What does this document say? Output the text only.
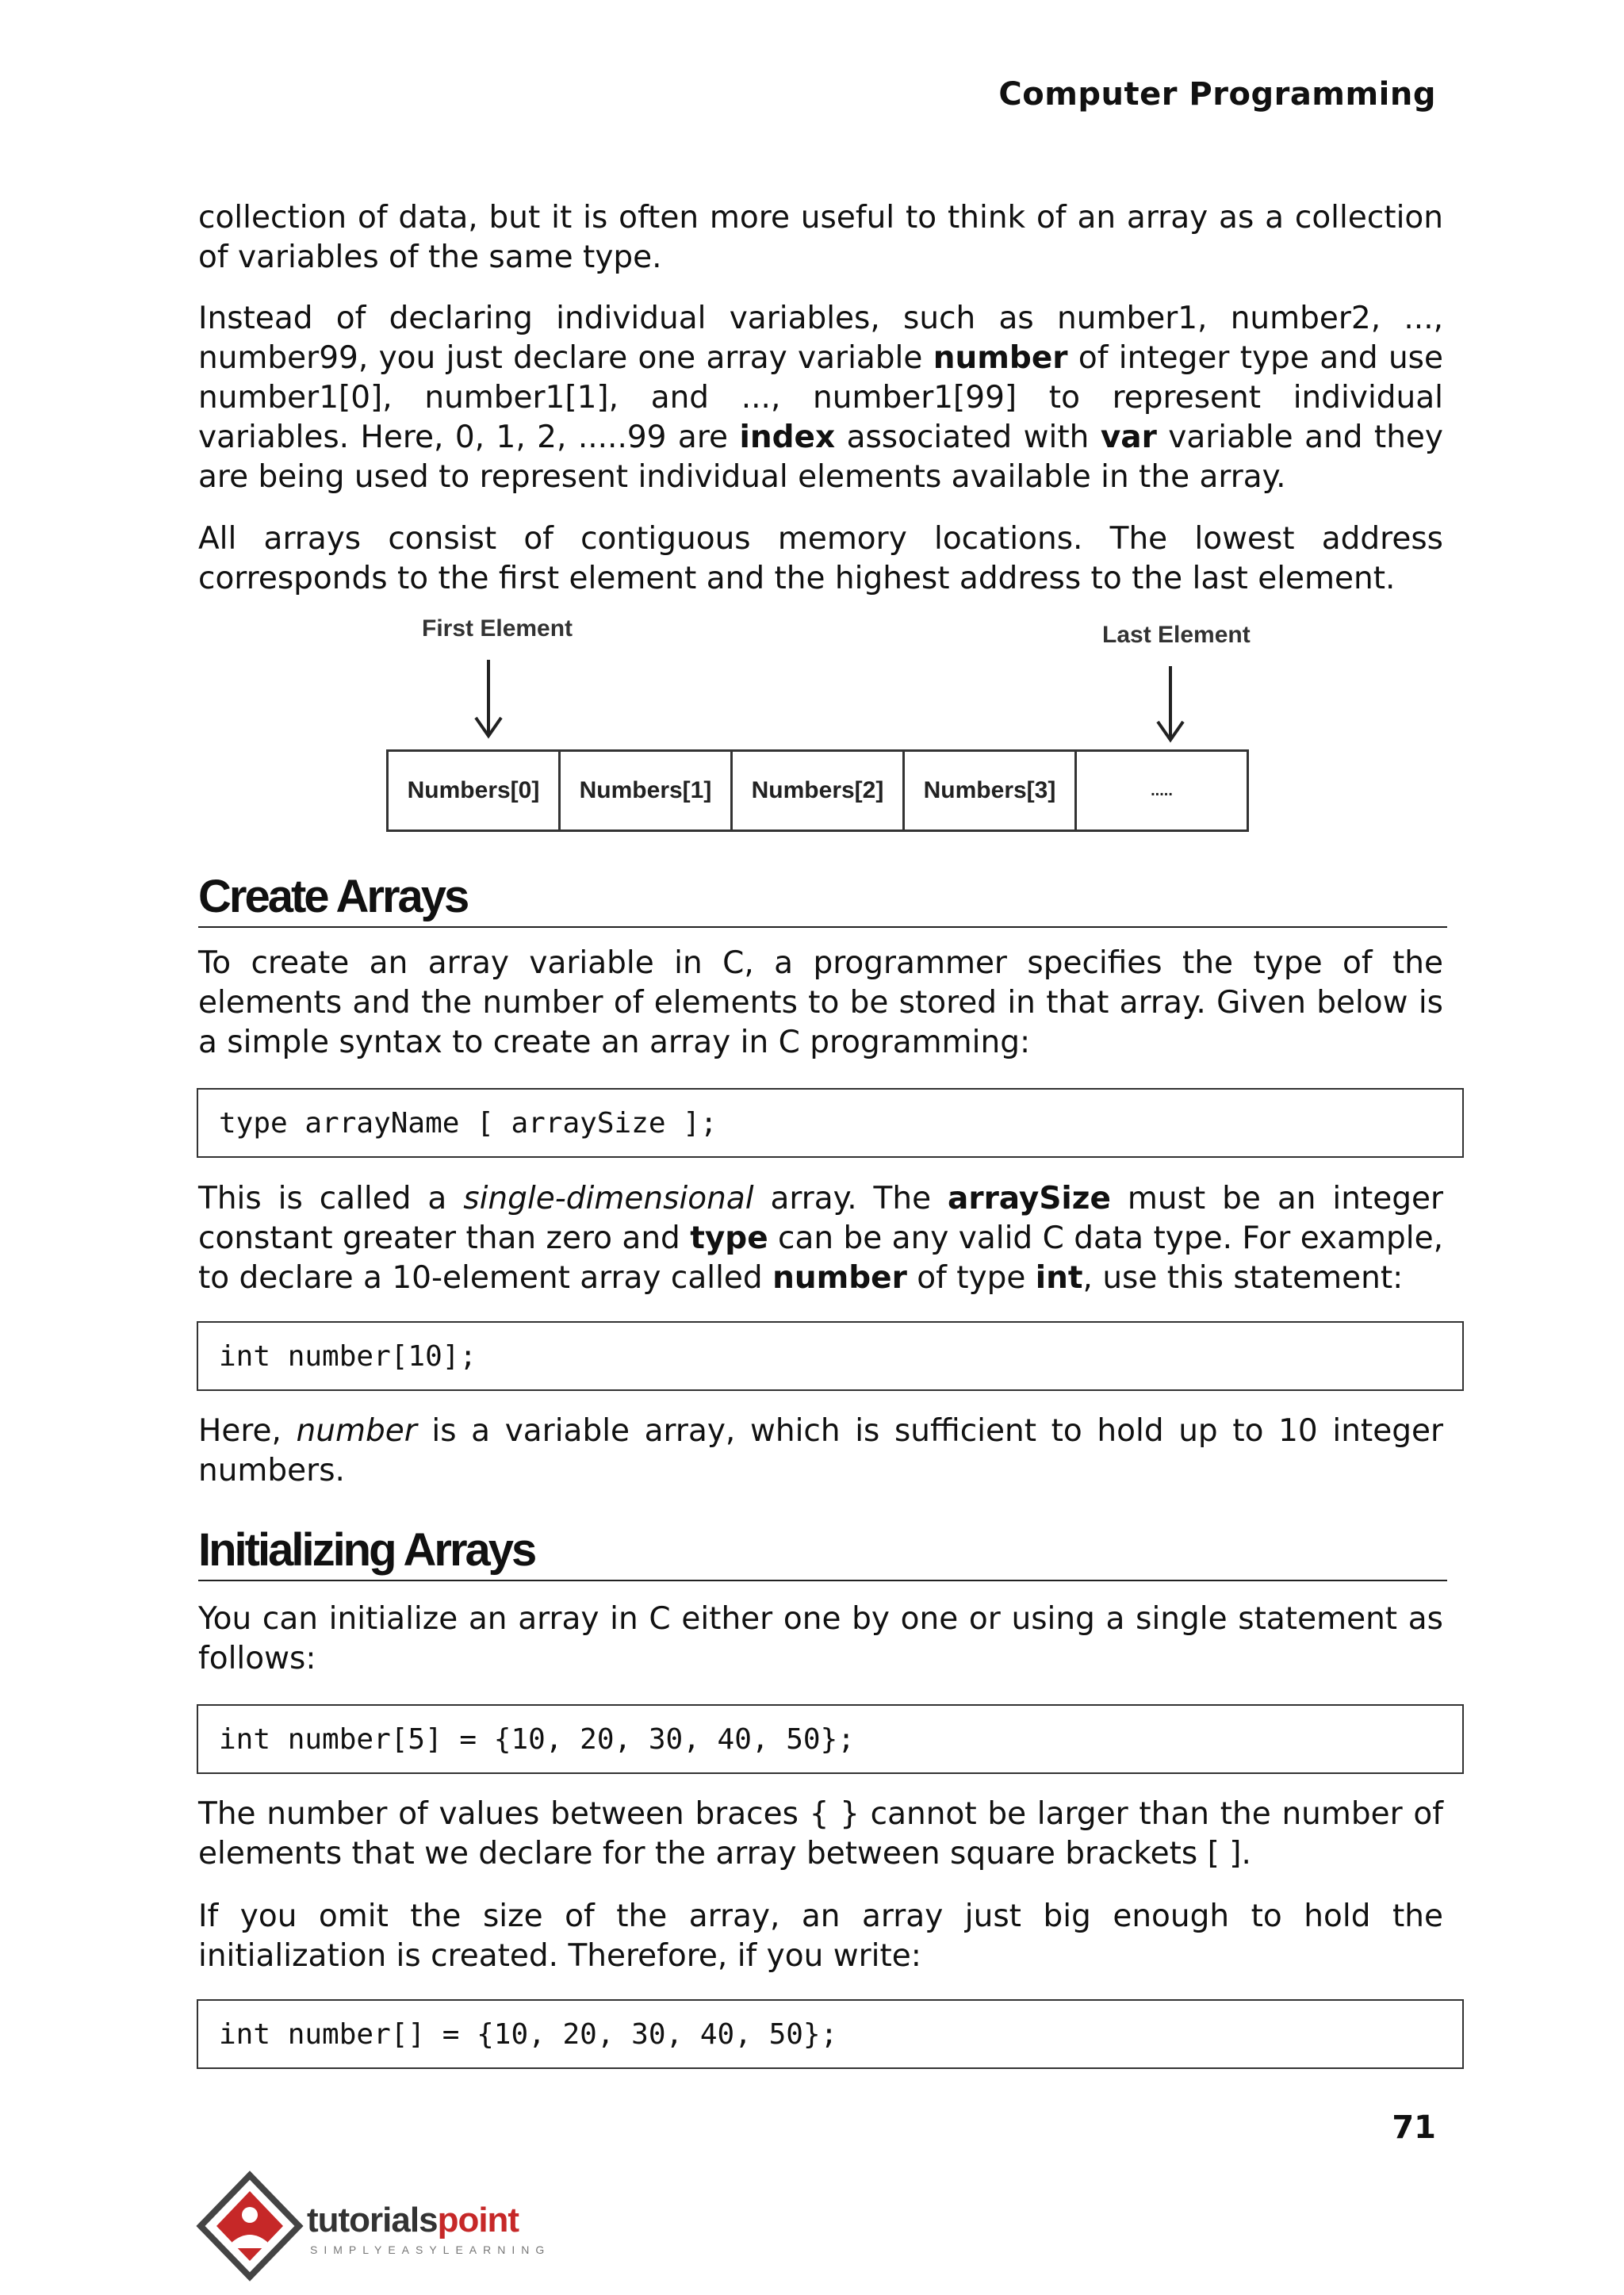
Computer Programming

collection of data, but it is often more useful to think of an array as a collection of variables of the same type.

Instead of declaring individual variables, such as number1, number2, ..., number99, you just declare one array variable number of integer type and use number1[0], number1[1], and ..., number1[99] to represent individual variables. Here, 0, 1, 2, .....99 are index associated with var variable and they are being used to represent individual elements available in the array.

All arrays consist of contiguous memory locations. The lowest address corresponds to the first element and the highest address to the last element.

First Element	Last Element
Numbers[0]	Numbers[1]	Numbers[2]	Numbers[3]	.....
Create Arrays

To create an array variable in C, a programmer specifies the type of the elements and the number of elements to be stored in that array. Given below is a simple syntax to create an array in C programming:

type arrayName [ arraySize ];

This is called a single-dimensional array. The arraySize must be an integer constant greater than zero and type can be any valid C data type. For example, to declare a 10-element array called number of type int, use this statement:

int number[10];

Here, number is a variable array, which is sufficient to hold up to 10 integer numbers.

Initializing Arrays

You can initialize an array in C either one by one or using a single statement as follows:

int number[5] = {10, 20, 30, 40, 50};

The number of values between braces { } cannot be larger than the number of elements that we declare for the array between square brackets [ ].

If you omit the size of the array, an array just big enough to hold the initialization is created. Therefore, if you write:

int number[] = {10, 20, 30, 40, 50};
71
tutorialspoint
SIMPLYEASYLEARNING
